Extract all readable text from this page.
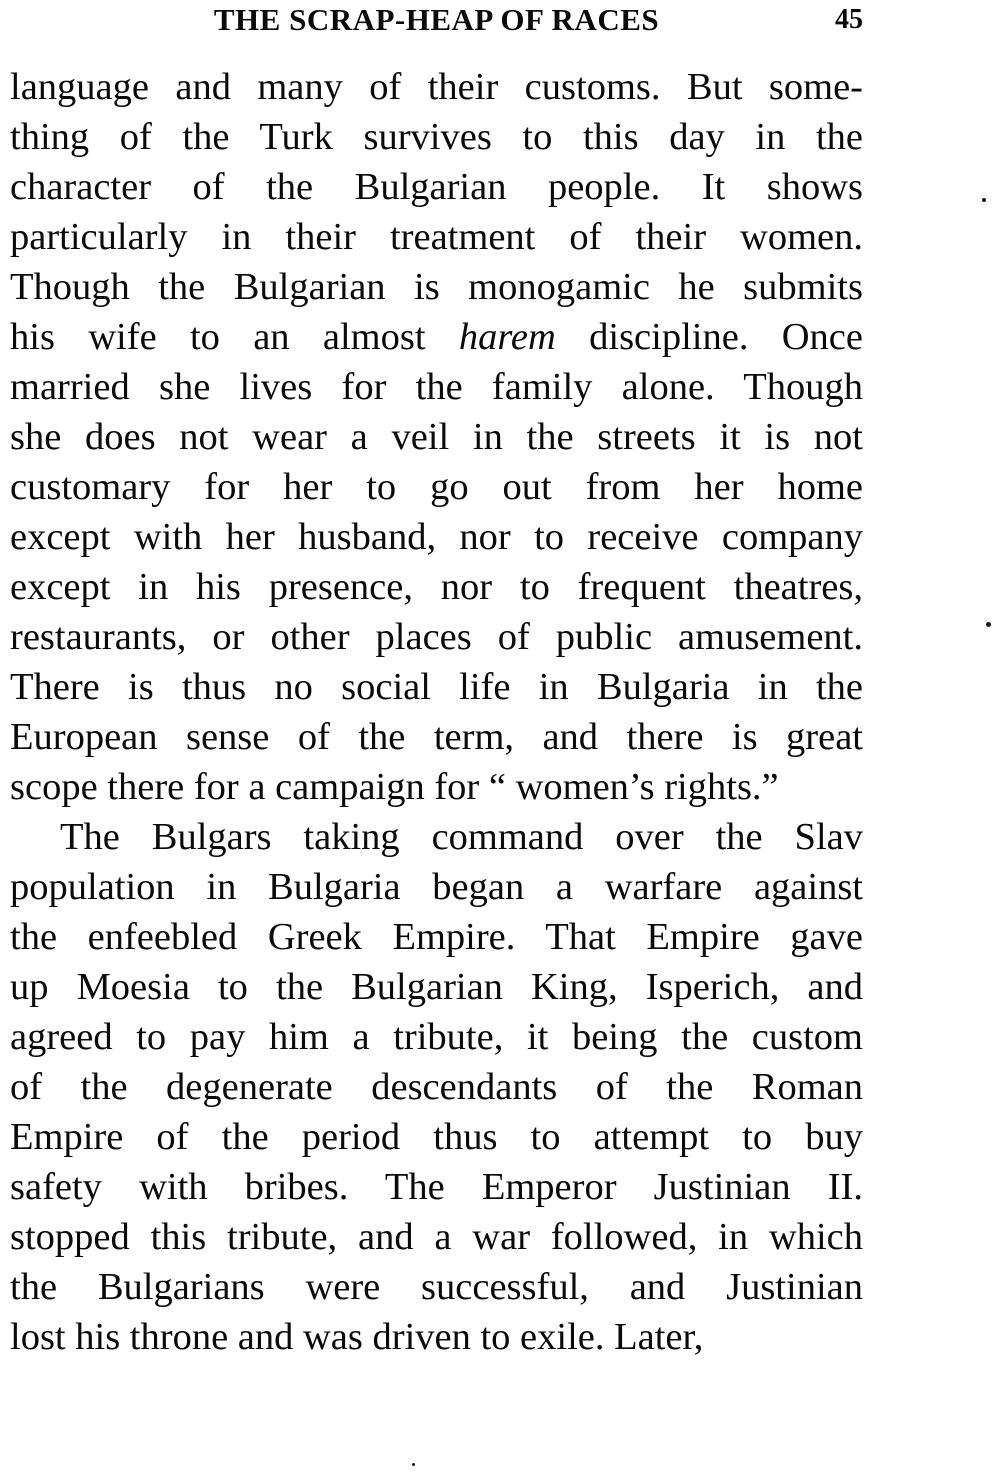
THE SCRAP-HEAP OF RACES	45
language and many of their customs. But some-
thing of the Turk survives to this day in the
character of the Bulgarian people. It shows
particularly in their treatment of their women.
Though the Bulgarian is monogamic he submits
his wife to an almost harem discipline. Once
married she lives for the family alone. Though
she does not wear a veil in the streets it is not
customary for her to go out from her home
except with her husband, nor to receive company
except in his presence, nor to frequent theatres,
restaurants, or other places of public amusement.
There is thus no social life in Bulgaria in the
European sense of the term, and there is great
scope there for a campaign for “ women’s rights.”
The Bulgars taking command over the Slav
population in Bulgaria began a warfare against
the enfeebled Greek Empire. That Empire gave
up Moesia to the Bulgarian King, Isperich, and
agreed to pay him a tribute, it being the custom
of the degenerate descendants of the Roman
Empire of the period thus to attempt to buy
safety with bribes. The Emperor Justinian II.
stopped this tribute, and a war followed, in which
the Bulgarians were successful, and Justinian
lost his throne and was driven to exile. Later,
